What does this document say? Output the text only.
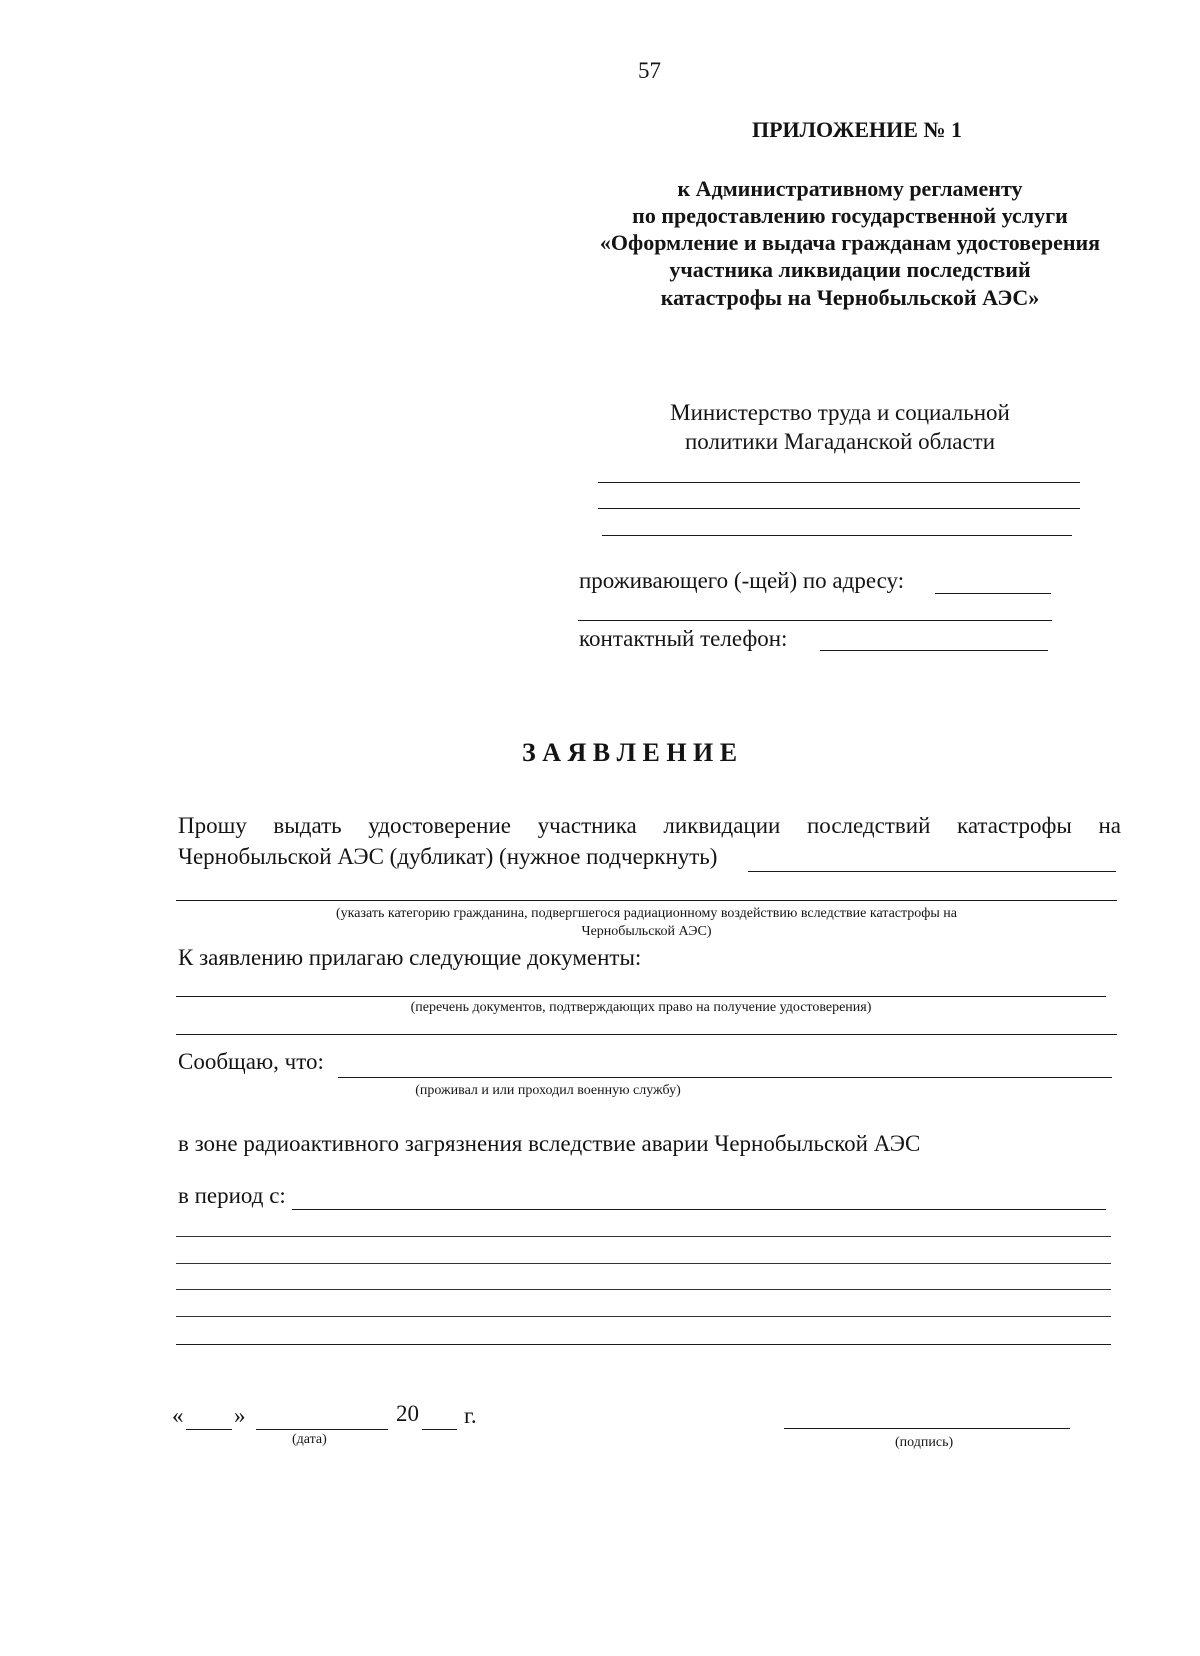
57
ПРИЛОЖЕНИЕ № 1
к Административному регламенту
по предоставлению государственной услуги
«Оформление и выдача гражданам удостоверения
участника ликвидации последствий
катастрофы на Чернобыльской АЭС»
Министерство труда и социальной
политики Магаданской области
проживающего (-щей) по адресу:
контактный телефон:
З А Я В Л Е Н И Е
Прошу выдать удостоверение участника ликвидации последствий катастрофы на
Чернобыльской АЭС (дубликат) (нужное подчеркнуть)
(указать категорию гражданина, подвергшегося радиационному воздействию вследствие катастрофы на
Чернобыльской АЭС)
К заявлению прилагаю следующие документы:
(перечень документов, подтверждающих право на получение удостоверения)
Сообщаю, что:
(проживал и или проходил военную службу)
в зоне радиоактивного загрязнения вследствие аварии Чернобыльской АЭС
в период с:
« »	20 г.
(дата)	(подпись)
